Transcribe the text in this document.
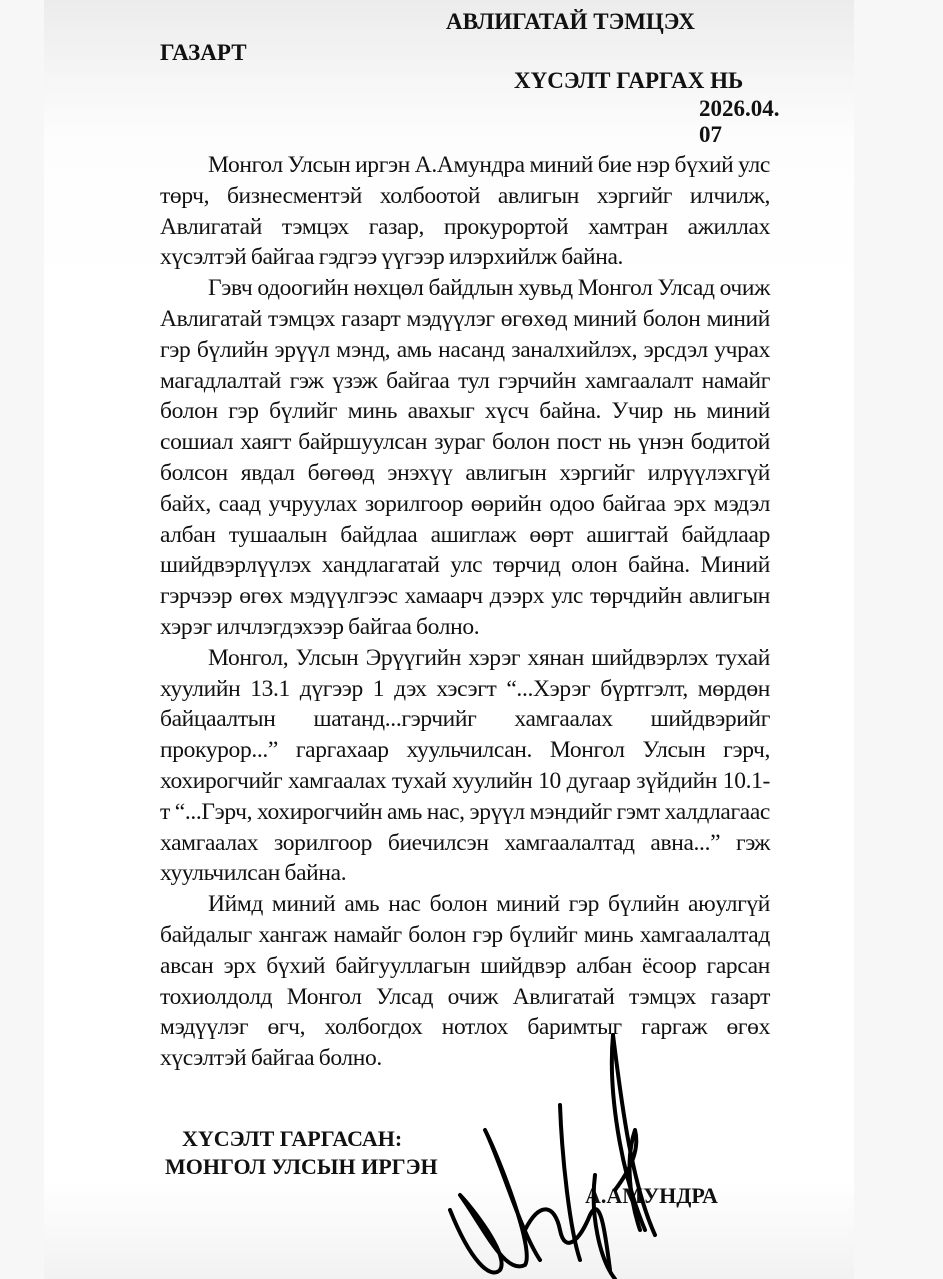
АВЛИГАТАЙ ТЭМЦЭХ
ГАЗАРТ
ХҮСЭЛТ ГАРГАХ НЬ
2026.04.
07

Монгол Улсын иргэн А.Амундра миний бие нэр бүхий улс төрч, бизнесментэй холбоотой авлигын хэргийг илчилж, Авлигатай тэмцэх газар, прокурортой хамтран ажиллах хүсэлтэй байгаа гэдгээ үүгээр илэрхийлж байна.

Гэвч одоогийн нөхцөл байдлын хувьд Монгол Улсад очиж Авлигатай тэмцэх газарт мэдүүлэг өгөхөд миний болон миний гэр бүлийн эрүүл мэнд, амь насанд заналхийлэх, эрсдэл учрах магадлалтай гэж үзэж байгаа тул гэрчийн хамгаалалт намайг болон гэр бүлийг минь авахыг хүсч байна. Учир нь миний сошиал хаягт байршуулсан зураг болон пост нь үнэн бодитой болсон явдал бөгөөд энэхүү авлигын хэргийг илрүүлэхгүй байх, саад учруулах зорилгоор өөрийн одоо байгаа эрх мэдэл албан тушаалын байдлаа ашиглаж өөрт ашигтай байдлаар шийдвэрлүүлэх хандлагатай улс төрчид олон байна. Миний гэрчээр өгөх мэдүүлгээс хамаарч дээрх улс төрчдийн авлигын хэрэг илчлэгдэхээр байгаа болно.

Монгол, Улсын Эрүүгийн хэрэг хянан шийдвэрлэх тухай хуулийн 13.1 дүгээр 1 дэх хэсэгт “...Хэрэг бүртгэлт, мөрдөн байцаалтын шатанд...гэрчийг хамгаалах шийдвэрийг прокурор...” гаргахаар хуульчилсан. Монгол Улсын гэрч, хохирогчийг хамгаалах тухай хуулийн 10 дугаар зүйдийн 10.1-т “...Гэрч, хохирогчийн амь нас, эрүүл мэндийг гэмт халдлагаас хамгаалах зорилгоор биечилсэн хамгаалалтад авна...” гэж хуульчилсан байна.

Иймд миний амь нас болон миний гэр бүлийн аюулгүй байдалыг хангаж намайг болон гэр бүлийг минь хамгаалалтад авсан эрх бүхий байгууллагын шийдвэр албан ёсоор гарсан тохиолдолд Монгол Улсад очиж Авлигатай тэмцэх газарт мэдүүлэг өгч, холбогдох нотлох баримтыг гаргаж өгөх хүсэлтэй байгаа болно.

ХҮСЭЛТ ГАРГАСАН:
МОНГОЛ УЛСЫН ИРГЭН
А.АМУНДРА
